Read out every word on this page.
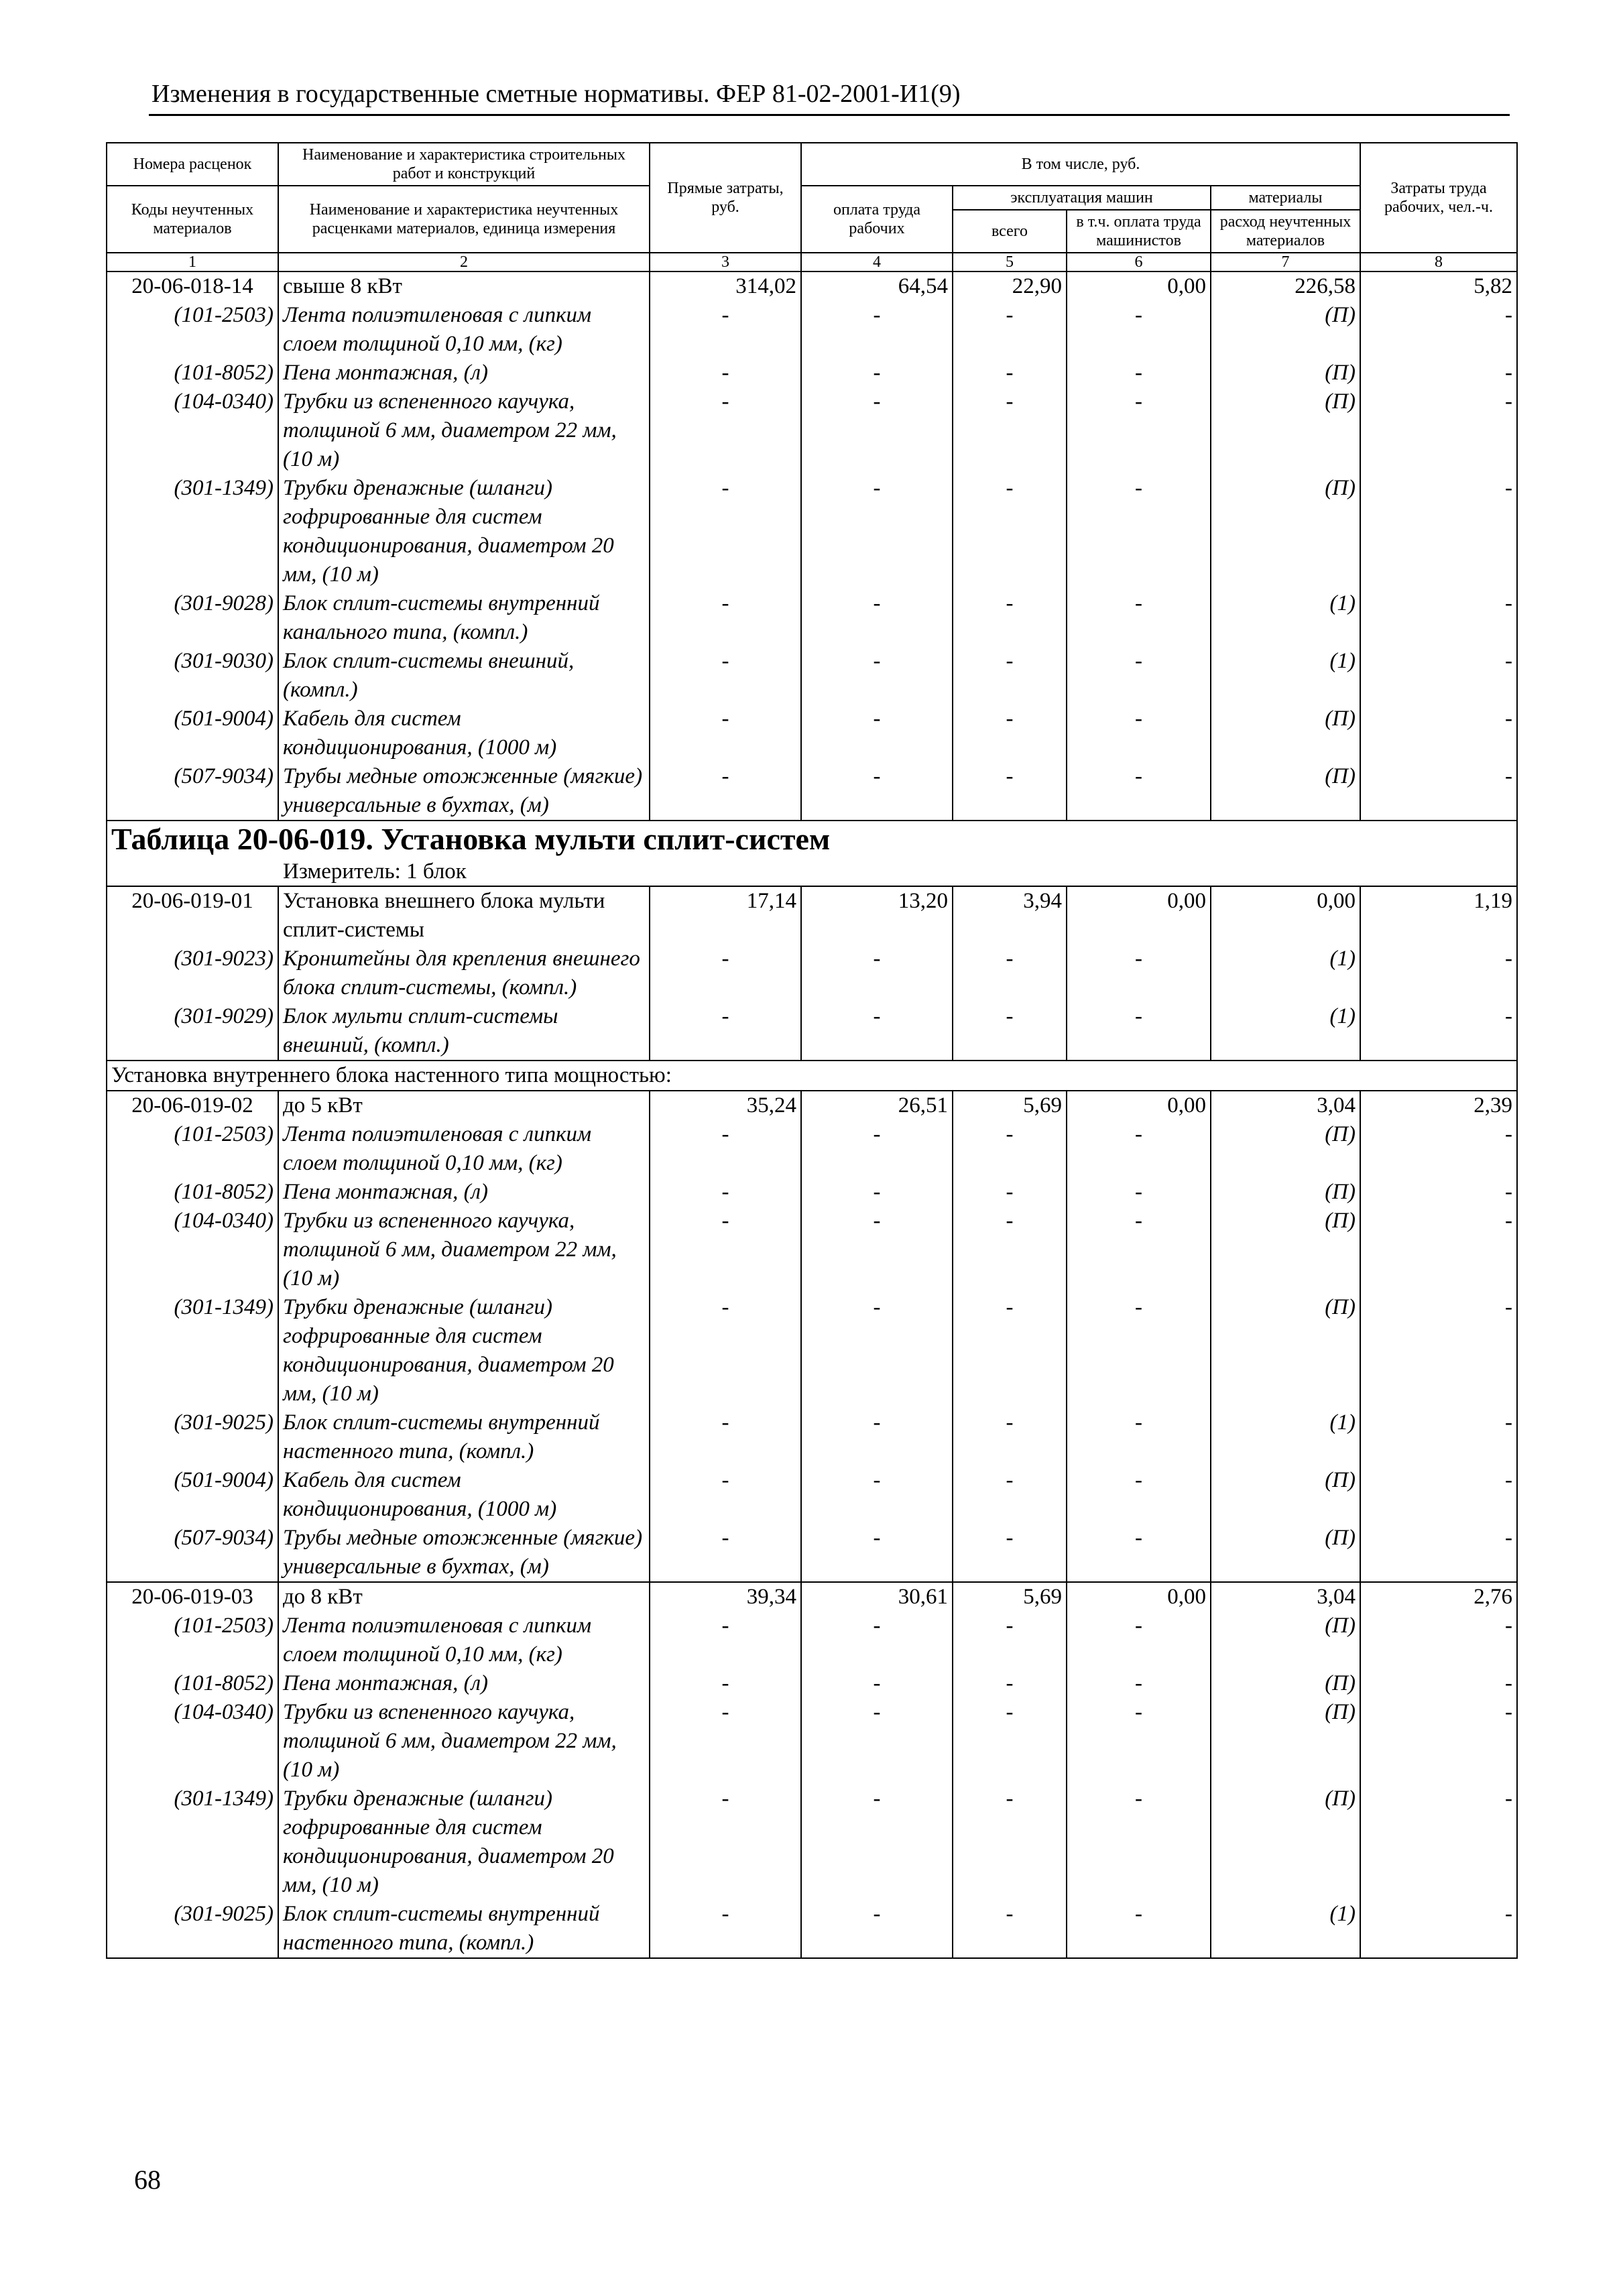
Изменения в государственные сметные нормативы. ФЕР 81-02-2001-И1(9)
Номера расценок	Наименование и характеристика строительных работ и конструкций	Прямые затраты, руб.	В том числе, руб.				Затраты труда рабочих, чел.-ч.
Коды неучтенных материалов	Наименование и характеристика неучтенных расценками материалов, единица измерения		оплата труда рабочих	эксплуатация машин		материалы	
				всего	в т.ч. оплата труда машинистов	расход неучтенных материалов	
1	2	3	4	5	6	7	8
20-06-018-14	свыше 8 кВт	314,02	64,54	22,90	0,00	226,58	5,82
(101-2503)	Лента полиэтиленовая с липким слоем толщиной 0,10 мм, (кг)	-	-	-	-	(П)	-
(101-8052)	Пена монтажная, (л)	-	-	-	-	(П)	-
(104-0340)	Трубки из вспененного каучука, толщиной 6 мм, диаметром 22 мм, (10 м)	-	-	-	-	(П)	-
(301-1349)	Трубки дренажные (шланги) гофрированные для систем кондиционирования, диаметром 20 мм, (10 м)	-	-	-	-	(П)	-
(301-9028)	Блок сплит-системы внутренний канального типа, (компл.)	-	-	-	-	(1)	-
(301-9030)	Блок сплит-системы внешний, (компл.)	-	-	-	-	(1)	-
(501-9004)	Кабель для систем кондиционирования, (1000 м)	-	-	-	-	(П)	-
(507-9034)	Трубы медные отожженные (мягкие) универсальные в бухтах, (м)	-	-	-	-	(П)	-

Таблица 20-06-019. Установка мульти сплит-систем
Измеритель: 1 блок							

20-06-019-01	Установка внешнего блока мульти сплит-системы	17,14	13,20	3,94	0,00	0,00	1,19
(301-9023)	Кронштейны для крепления внешнего блока сплит-системы, (компл.)	-	-	-	-	(1)	-
(301-9029)	Блок мульти сплит-системы внешний, (компл.)	-	-	-	-	(1)	-
Установка внутреннего блока настенного типа мощностью:							
20-06-019-02	до 5 кВт	35,24	26,51	5,69	0,00	3,04	2,39
(101-2503)	Лента полиэтиленовая с липким слоем толщиной 0,10 мм, (кг)	-	-	-	-	(П)	-
(101-8052)	Пена монтажная, (л)	-	-	-	-	(П)	-
(104-0340)	Трубки из вспененного каучука, толщиной 6 мм, диаметром 22 мм, (10 м)	-	-	-	-	(П)	-
(301-1349)	Трубки дренажные (шланги) гофрированные для систем кондиционирования, диаметром 20 мм, (10 м)	-	-	-	-	(П)	-
(301-9025)	Блок сплит-системы внутренний настенного типа, (компл.)	-	-	-	-	(1)	-
(501-9004)	Кабель для систем кондиционирования, (1000 м)	-	-	-	-	(П)	-
(507-9034)	Трубы медные отожженные (мягкие) универсальные в бухтах, (м)	-	-	-	-	(П)	-
20-06-019-03	до 8 кВт	39,34	30,61	5,69	0,00	3,04	2,76
(101-2503)	Лента полиэтиленовая с липким слоем толщиной 0,10 мм, (кг)	-	-	-	-	(П)	-
(101-8052)	Пена монтажная, (л)	-	-	-	-	(П)	-
(104-0340)	Трубки из вспененного каучука, толщиной 6 мм, диаметром 22 мм, (10 м)	-	-	-	-	(П)	-
(301-1349)	Трубки дренажные (шланги) гофрированные для систем кондиционирования, диаметром 20 мм, (10 м)	-	-	-	-	(П)	-
(301-9025)	Блок сплит-системы внутренний настенного типа, (компл.)	-	-	-	-	(1)	-
68
